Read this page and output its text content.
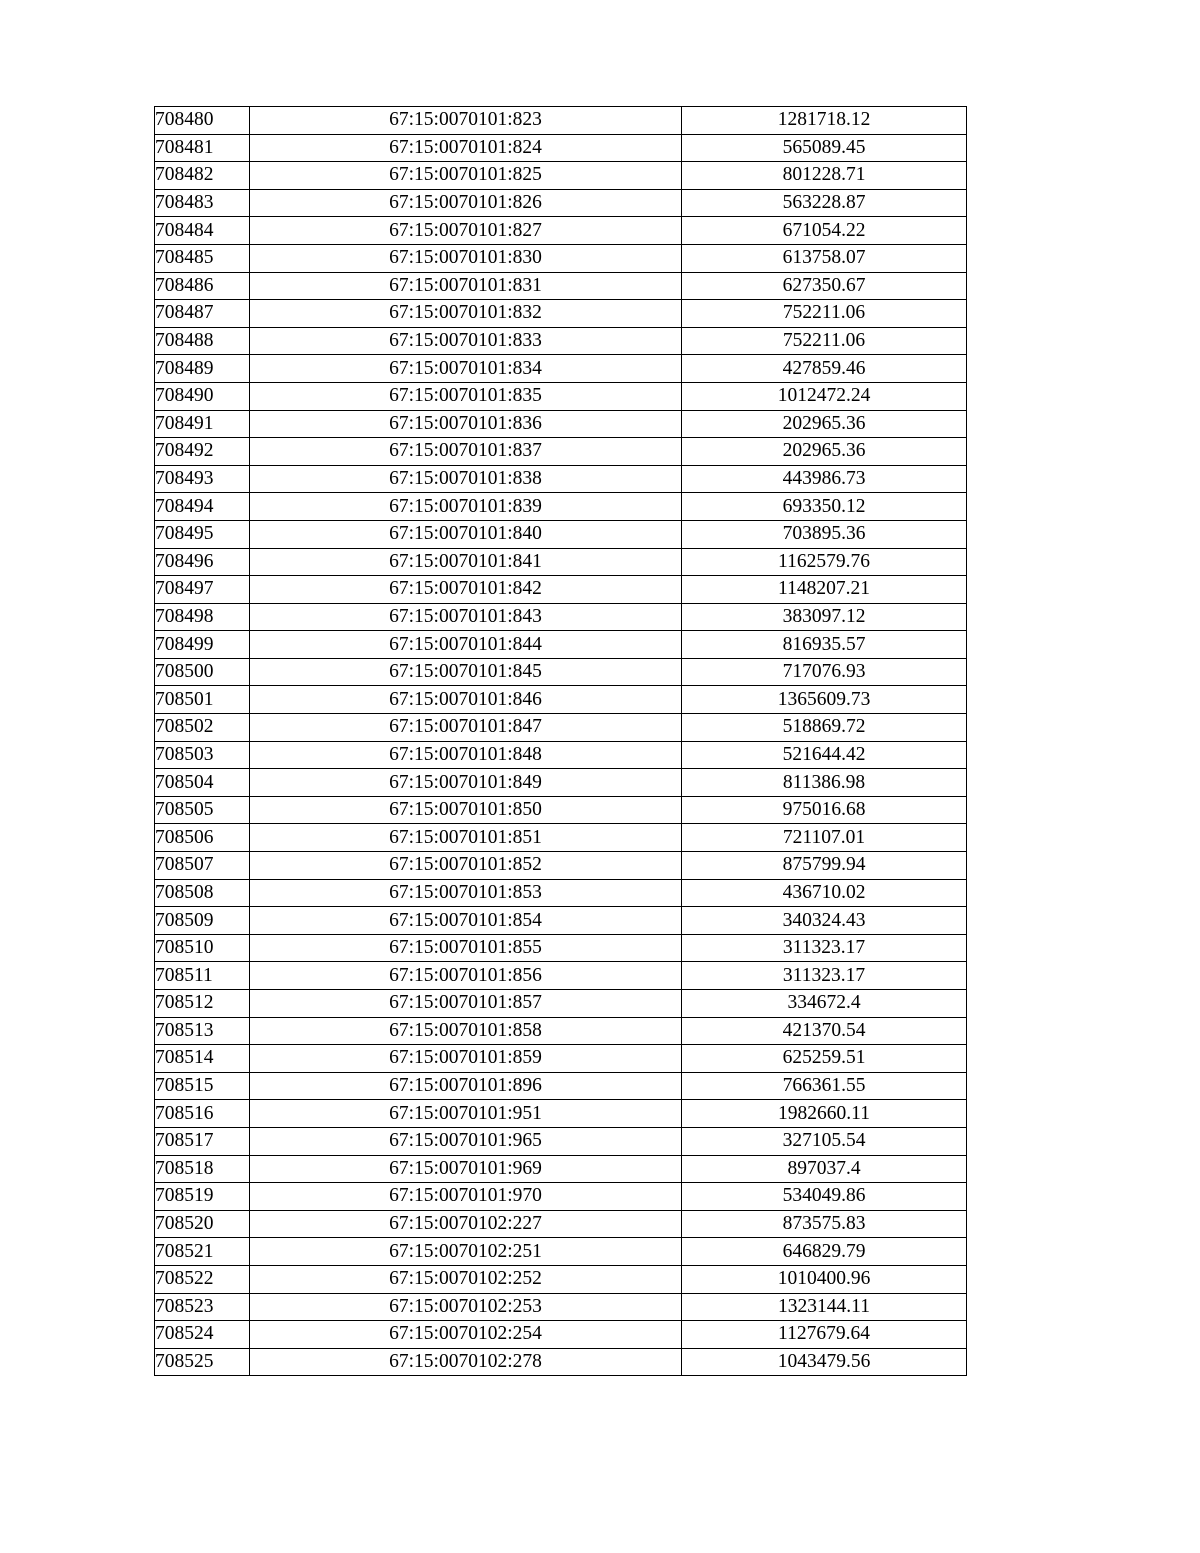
708480	67:15:0070101:823	1281718.12
708481	67:15:0070101:824	565089.45
708482	67:15:0070101:825	801228.71
708483	67:15:0070101:826	563228.87
708484	67:15:0070101:827	671054.22
708485	67:15:0070101:830	613758.07
708486	67:15:0070101:831	627350.67
708487	67:15:0070101:832	752211.06
708488	67:15:0070101:833	752211.06
708489	67:15:0070101:834	427859.46
708490	67:15:0070101:835	1012472.24
708491	67:15:0070101:836	202965.36
708492	67:15:0070101:837	202965.36
708493	67:15:0070101:838	443986.73
708494	67:15:0070101:839	693350.12
708495	67:15:0070101:840	703895.36
708496	67:15:0070101:841	1162579.76
708497	67:15:0070101:842	1148207.21
708498	67:15:0070101:843	383097.12
708499	67:15:0070101:844	816935.57
708500	67:15:0070101:845	717076.93
708501	67:15:0070101:846	1365609.73
708502	67:15:0070101:847	518869.72
708503	67:15:0070101:848	521644.42
708504	67:15:0070101:849	811386.98
708505	67:15:0070101:850	975016.68
708506	67:15:0070101:851	721107.01
708507	67:15:0070101:852	875799.94
708508	67:15:0070101:853	436710.02
708509	67:15:0070101:854	340324.43
708510	67:15:0070101:855	311323.17
708511	67:15:0070101:856	311323.17
708512	67:15:0070101:857	334672.4
708513	67:15:0070101:858	421370.54
708514	67:15:0070101:859	625259.51
708515	67:15:0070101:896	766361.55
708516	67:15:0070101:951	1982660.11
708517	67:15:0070101:965	327105.54
708518	67:15:0070101:969	897037.4
708519	67:15:0070101:970	534049.86
708520	67:15:0070102:227	873575.83
708521	67:15:0070102:251	646829.79
708522	67:15:0070102:252	1010400.96
708523	67:15:0070102:253	1323144.11
708524	67:15:0070102:254	1127679.64
708525	67:15:0070102:278	1043479.56
